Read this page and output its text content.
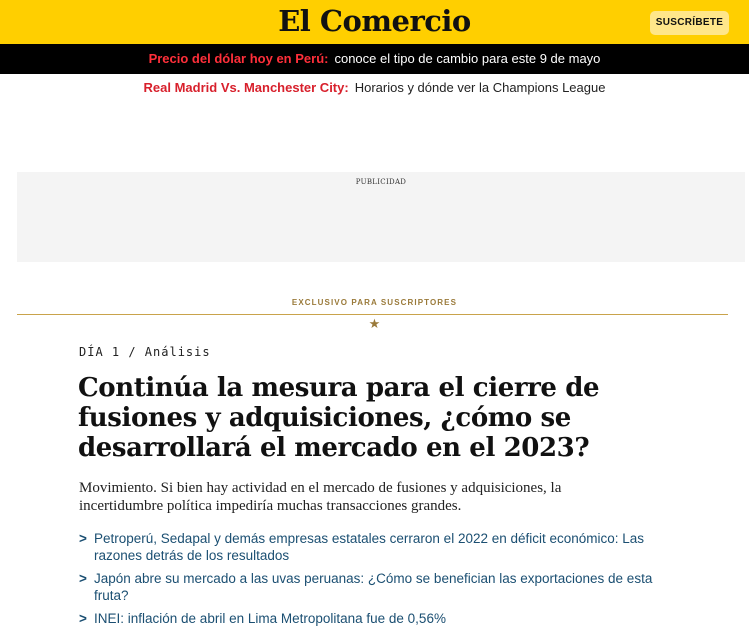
El Comercio	SUSCRÍBETE
Precio del dólar hoy en Perú: conoce el tipo de cambio para este 9 de mayo
Real Madrid Vs. Manchester City: Horarios y dónde ver la Champions League
PUBLICIDAD
EXCLUSIVO PARA SUSCRIPTORES
★
DÍA 1 / Análisis
Continúa la mesura para el cierre de fusiones y adquisiciones, ¿cómo se desarrollará el mercado en el 2023?

Movimiento. Si bien hay actividad en el mercado de fusiones y adquisiciones, la incertidumbre política impediría muchas transacciones grandes.

> Petroperú, Sedapal y demás empresas estatales cerraron el 2022 en déficit económico: Las razones detrás de los resultados
> Japón abre su mercado a las uvas peruanas: ¿Cómo se benefician las exportaciones de esta fruta?
> INEI: inflación de abril en Lima Metropolitana fue de 0,56%
